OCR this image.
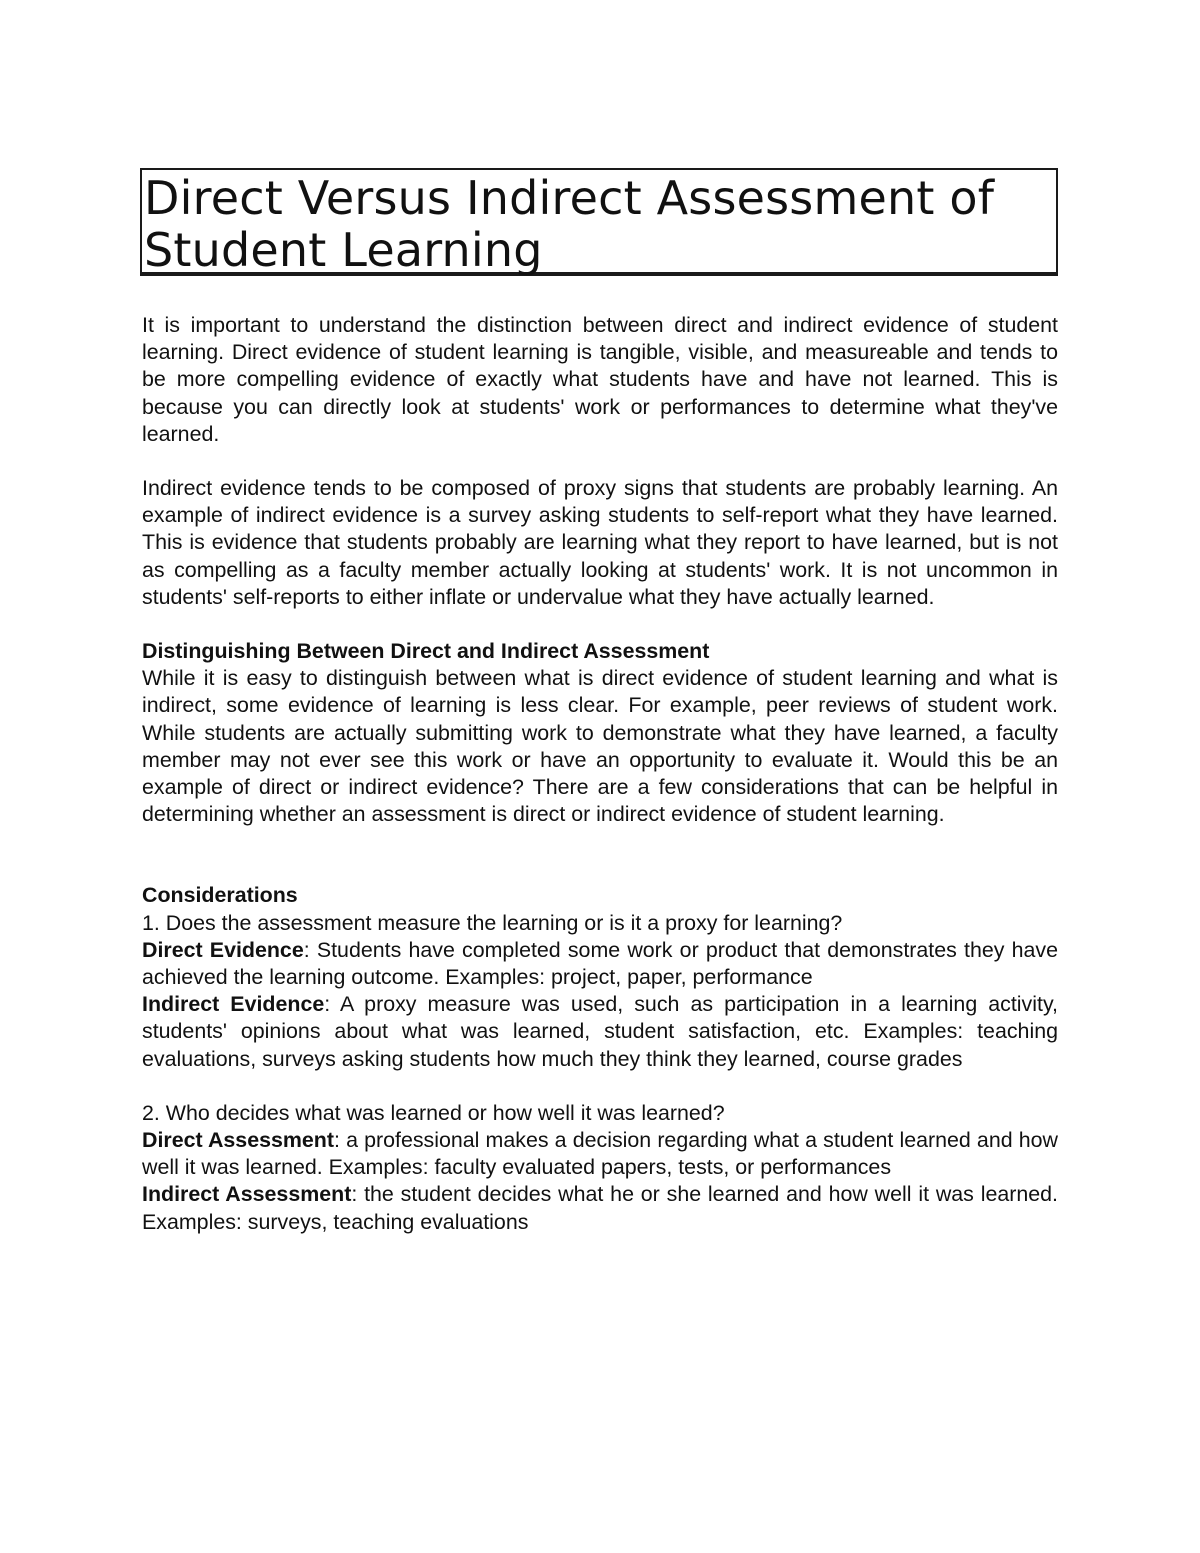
Direct Versus Indirect Assessment of Student Learning

It is important to understand the distinction between direct and indirect evidence of student learning. Direct evidence of student learning is tangible, visible, and measureable and tends to be more compelling evidence of exactly what students have and have not learned. This is because you can directly look at students' work or performances to determine what they've learned.

Indirect evidence tends to be composed of proxy signs that students are probably learning. An example of indirect evidence is a survey asking students to self-report what they have learned. This is evidence that students probably are learning what they report to have learned, but is not as compelling as a faculty member actually looking at students' work. It is not uncommon in students' self-reports to either inflate or undervalue what they have actually learned.

Distinguishing Between Direct and Indirect Assessment
While it is easy to distinguish between what is direct evidence of student learning and what is indirect, some evidence of learning is less clear. For example, peer reviews of student work. While students are actually submitting work to demonstrate what they have learned, a faculty member may not ever see this work or have an opportunity to evaluate it. Would this be an example of direct or indirect evidence? There are a few considerations that can be helpful in determining whether an assessment is direct or indirect evidence of student learning.

Considerations
1. Does the assessment measure the learning or is it a proxy for learning?
Direct Evidence: Students have completed some work or product that demonstrates they have achieved the learning outcome. Examples: project, paper, performance
Indirect Evidence: A proxy measure was used, such as participation in a learning activity, students' opinions about what was learned, student satisfaction, etc. Examples: teaching evaluations, surveys asking students how much they think they learned, course grades

2. Who decides what was learned or how well it was learned?
Direct Assessment: a professional makes a decision regarding what a student learned and how well it was learned. Examples: faculty evaluated papers, tests, or performances
Indirect Assessment: the student decides what he or she learned and how well it was learned. Examples: surveys, teaching evaluations
